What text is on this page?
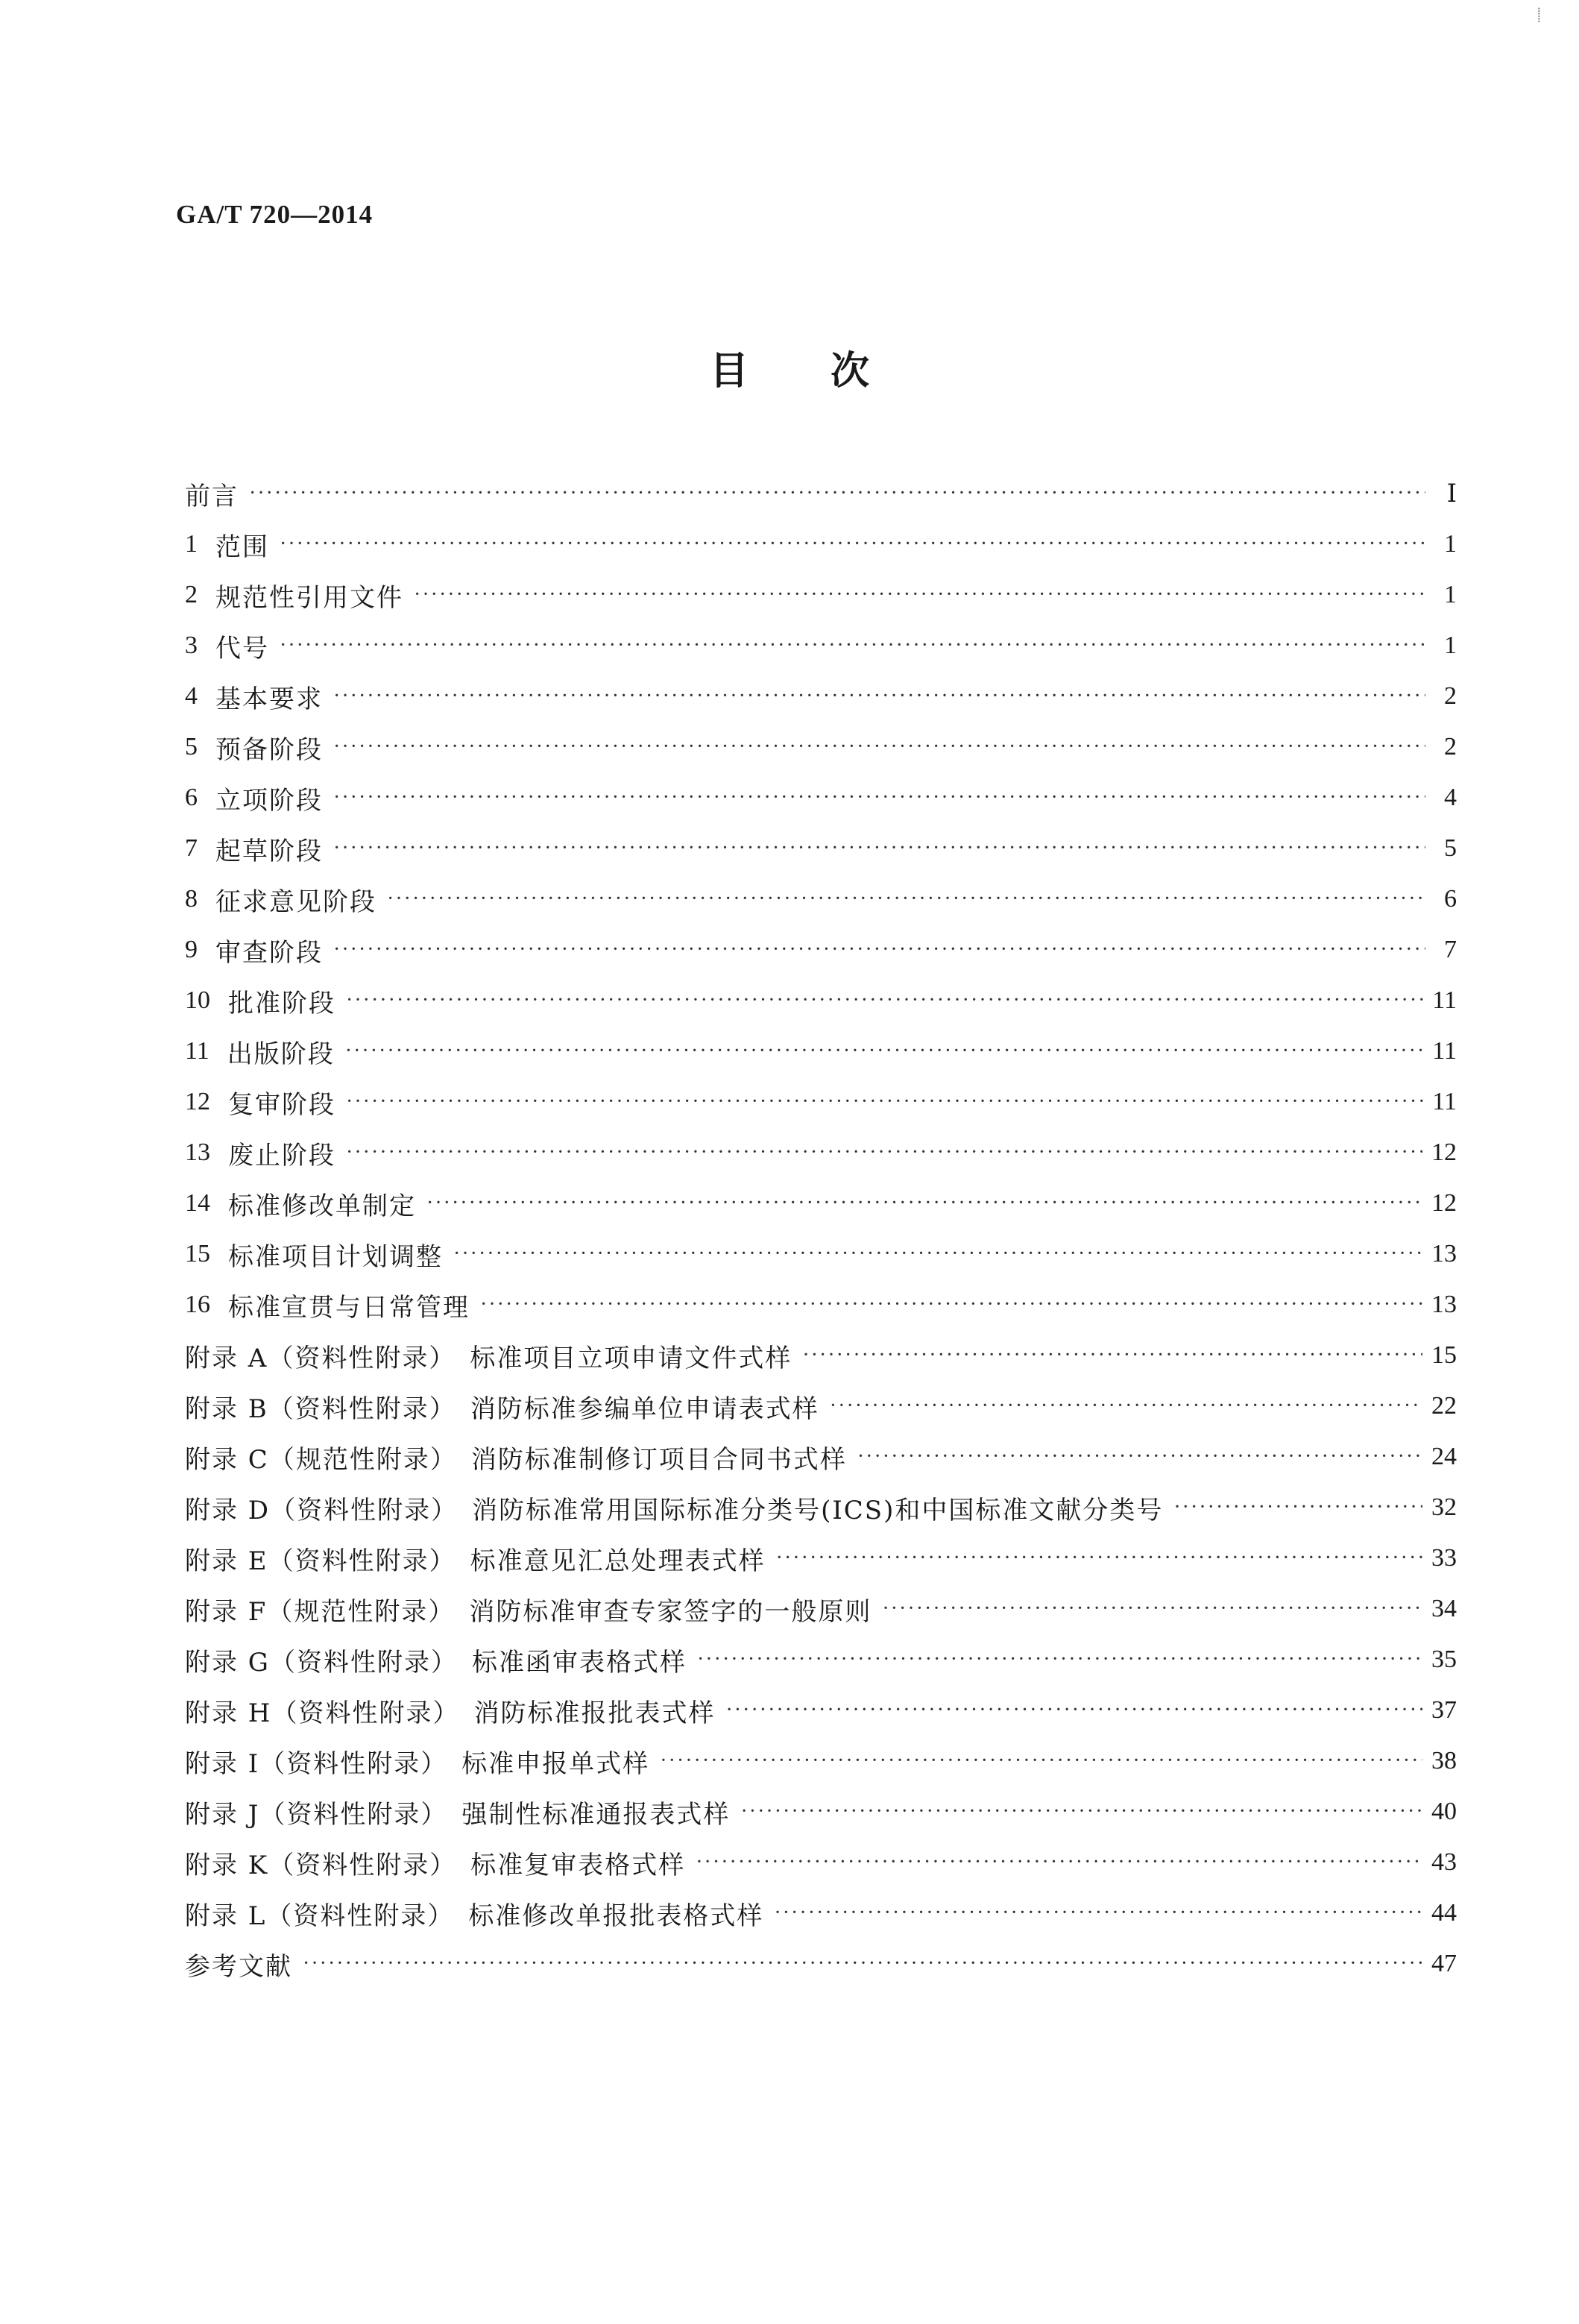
⸽
GA/T 720—2014
目次
前言 ·····	Ⅰ
1 范围 ·····	1
2 规范性引用文件 ·····	1
3 代号 ·····	1
4 基本要求 ·····	2
5 预备阶段 ·····	2
6 立项阶段 ·····	4
7 起草阶段 ·····	5
8 征求意见阶段 ·····	6
9 审查阶段 ·····	7
10 批准阶段 ·····	11
11 出版阶段 ·····	11
12 复审阶段 ·····	11
13 废止阶段 ·····	12
14 标准修改单制定 ·····	12
15 标准项目计划调整 ·····	13
16 标准宣贯与日常管理 ·····	13
附录 A（资料性附录）　标准项目立项申请文件式样 ·····	15
附录 B（资料性附录）　消防标准参编单位申请表式样 ·····	22
附录 C（规范性附录）　消防标准制修订项目合同书式样 ·····	24
附录 D（资料性附录）　消防标准常用国际标准分类号(ICS)和中国标准文献分类号 ·····	32
附录 E（资料性附录）　标准意见汇总处理表式样 ·····	33
附录 F（规范性附录）　消防标准审查专家签字的一般原则 ·····	34
附录 G（资料性附录）　标准函审表格式样 ·····	35
附录 H（资料性附录）　消防标准报批表式样 ·····	37
附录 I（资料性附录）　标准申报单式样 ·····	38
附录 J（资料性附录）　强制性标准通报表式样 ·····	40
附录 K（资料性附录）　标准复审表格式样 ·····	43
附录 L（资料性附录）　标准修改单报批表格式样 ·····	44
参考文献 ·····	47
